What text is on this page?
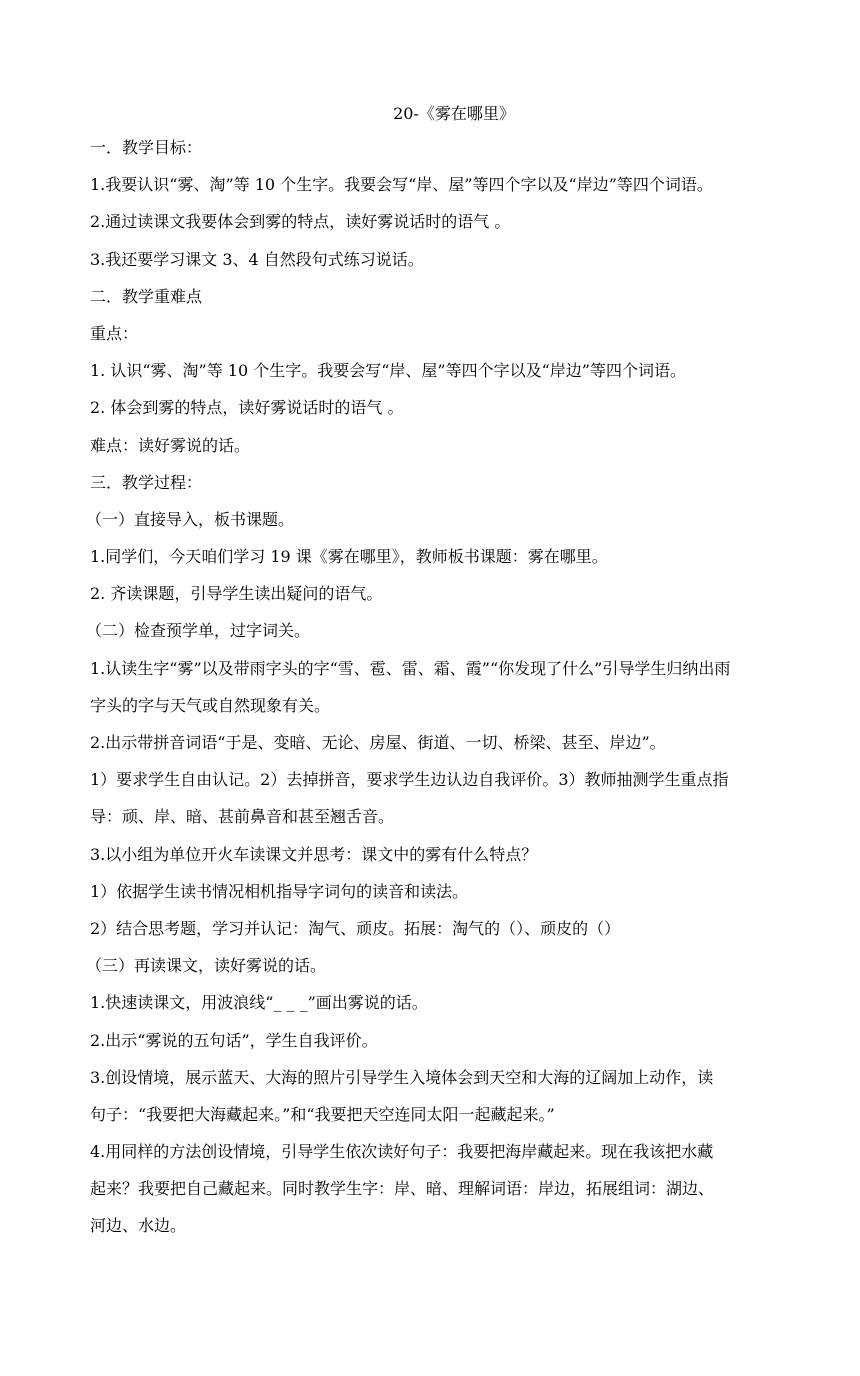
20-《雾在哪里》
一．教学目标：
1.我要认识“雾、淘”等 10 个生字。我要会写“岸、屋”等四个字以及“岸边”等四个词语。
2.通过读课文我要体会到雾的特点，读好雾说话时的语气 。
3.我还要学习课文 3、4 自然段句式练习说话。
二．教学重难点
重点：
1. 认识“雾、淘”等 10 个生字。我要会写“岸、屋”等四个字以及“岸边”等四个词语。
2. 体会到雾的特点，读好雾说话时的语气 。
难点：读好雾说的话。
三．教学过程：
（一）直接导入，板书课题。
1.同学们，今天咱们学习 19 课《雾在哪里》，教师板书课题：雾在哪里。
2. 齐读课题，引导学生读出疑问的语气。
（二）检查预学单，过字词关。
1.认读生字“雾”以及带雨字头的字“雪、雹、雷、霜、霞”“你发现了什么”引导学生归纳出雨
字头的字与天气或自然现象有关。
2.出示带拼音词语“于是、变暗、无论、房屋、街道、一切、桥梁、甚至、岸边”。
1）要求学生自由认记。2）去掉拼音，要求学生边认边自我评价。3）教师抽测学生重点指
导：顽、岸、暗、甚前鼻音和甚至翘舌音。
3.以小组为单位开火车读课文并思考：课文中的雾有什么特点？
1）依据学生读书情况相机指导字词句的读音和读法。
2）结合思考题，学习并认记：淘气、顽皮。拓展：淘气的（）、顽皮的（）
（三）再读课文，读好雾说的话。
1.快速读课文，用波浪线“_ _ _”画出雾说的话。
2.出示“雾说的五句话”，学生自我评价。
3.创设情境，展示蓝天、大海的照片引导学生入境体会到天空和大海的辽阔加上动作，读
句子：“我要把大海藏起来。”和“我要把天空连同太阳一起藏起来。”
4.用同样的方法创设情境，引导学生依次读好句子：我要把海岸藏起来。现在我该把水藏
起来？我要把自己藏起来。同时教学生字：岸、暗、理解词语：岸边，拓展组词：湖边、
河边、水边。
